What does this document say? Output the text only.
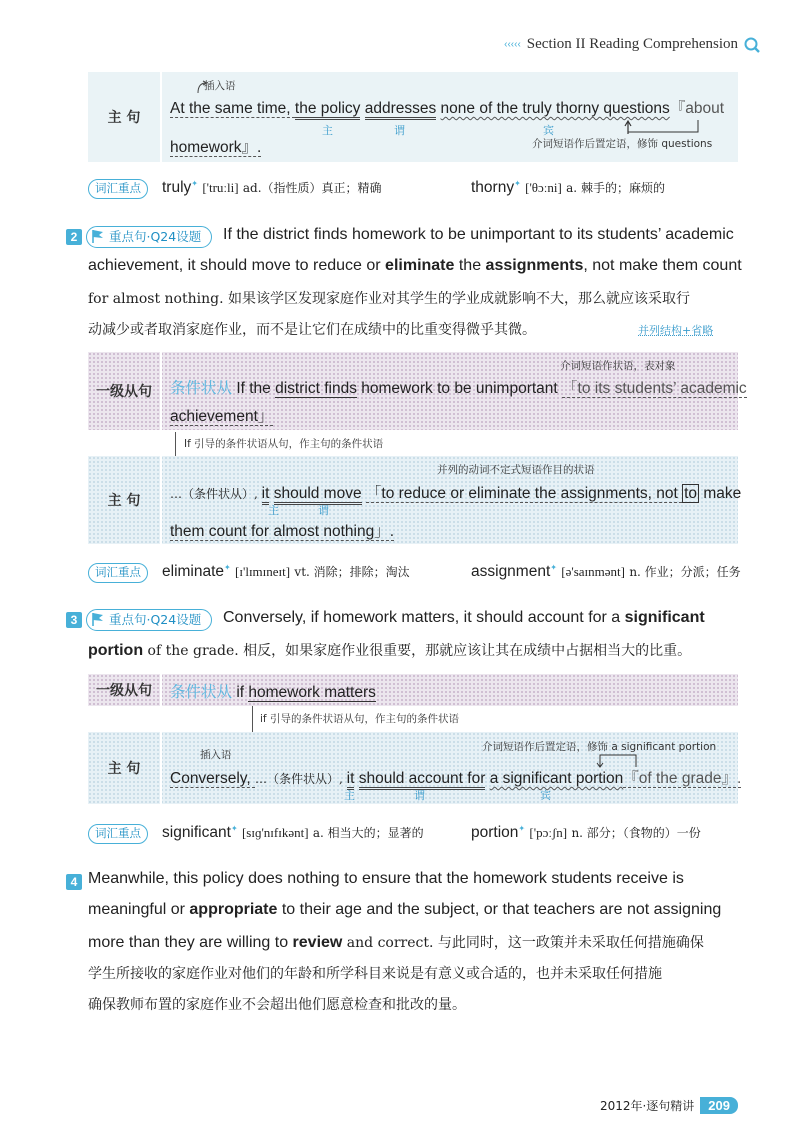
‹‹‹‹‹ Section II Reading Comprehension
主 句
插入语
At the same time, the policy addresses none of the truly thorny questions『about
主	谓	宾
homework』.	介词短语作后置定语，修饰 questions
词汇重点	truly✦ ['truːli] ad.（指性质）真正；精确	thorny✦ ['θɔːni] a. 棘手的；麻烦的
2	重点句·Q24设题	If the district finds homework to be unimportant to its students’ academic
achievement, it should move to reduce or eliminate the assignments, not make them count
for almost nothing. 如果该学区发现家庭作业对其学生的学业成就影响不大，那么就应该采取行
动减少或者取消家庭作业，而不是让它们在成绩中的比重变得微乎其微。	并列结构+省略
一级从句
介词短语作状语，表对象
条件状从 If the district finds homework to be unimportant 「to its students’ academic
achievement」
If 引导的条件状语从句，作主句的条件状语
主 句
并列的动词不定式短语作目的状语
…（条件状从）, it should move 「to reduce or eliminate the assignments, not to make
主	谓
them count for almost nothing」.
词汇重点	eliminate✦ [ɪ'lɪmɪneɪt] vt. 消除；排除；淘汰	assignment✦ [ə'saɪnmənt] n. 作业；分派；任务
3	重点句·Q24设题	Conversely, if homework matters, it should account for a significant
portion of the grade. 相反，如果家庭作业很重要，那就应该让其在成绩中占据相当大的比重。
一级从句	条件状从 if homework matters
if 引导的条件状语从句，作主句的条件状语
主 句
插入语
介词短语作后置定语，修饰 a significant portion
Conversely, …（条件状从）, it should account for a significant portion『of the grade』.
主	谓	宾
词汇重点	significant✦ [sɪɡ'nɪfɪkənt] a. 相当大的；显著的	portion✦ ['pɔːʃn] n. 部分；（食物的）一份
4 Meanwhile, this policy does nothing to ensure that the homework students receive is
meaningful or appropriate to their age and the subject, or that teachers are not assigning
more than they are willing to review and correct. 与此同时，这一政策并未采取任何措施确保
学生所接收的家庭作业对他们的年龄和所学科目来说是有意义或合适的，也并未采取任何措施
确保教师布置的家庭作业不会超出他们愿意检查和批改的量。
2012年·逐句精讲	209
